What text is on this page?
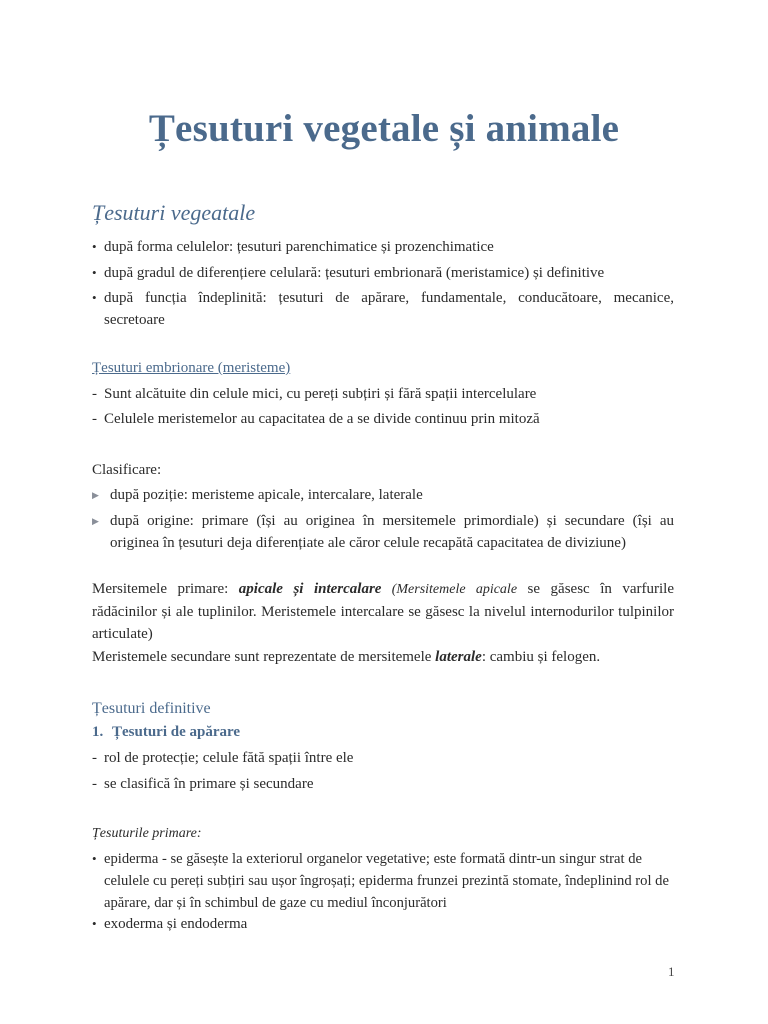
Țesuturi vegetale și animale
Țesuturi vegeatale
• după forma celulelor: țesuturi parenchimatice și prozenchimatice
• după gradul de diferențiere celulară: țesuturi embrionară (meristamice) și definitive
• după funcția îndeplinită: țesuturi de apărare, fundamentale, conducătoare, mecanice, secretoare
Țesuturi embrionare (meristeme)
- Sunt alcătuite din celule mici, cu pereți subțiri și fără spații intercelulare
- Celulele meristemelor au capacitatea de a se divide continuu prin mitoză
Clasificare:
▶ după poziție: meristeme apicale, intercalare, laterale
▶ după origine: primare (își au originea în mersitemele primordiale) și secundare (își au originea în țesuturi deja diferențiate ale căror celule recapătă capacitatea de diviziune)
Mersitemele primare: apicale și intercalare (Mersitemele apicale se găsesc în varfurile rădăcinilor și ale tuplinilor. Meristemele intercalare se găsesc la nivelul internodurilor tulpinilor articulate)
Meristemele secundare sunt reprezentate de mersitemele laterale: cambiu și felogen.
Țesuturi definitive
1. Țesuturi de apărare
- rol de protecție; celule fătă spații între ele
- se clasifică în primare și secundare
Țesuturile primare:
• epiderma - se găsește la exteriorul organelor vegetative; este formată dintr-un singur strat de celulele cu pereți subțiri sau ușor îngroșați; epiderma frunzei prezintă stomate, îndeplinind rol de apărare, dar și în schimbul de gaze cu mediul înconjurători
• exoderma și endoderma
1
